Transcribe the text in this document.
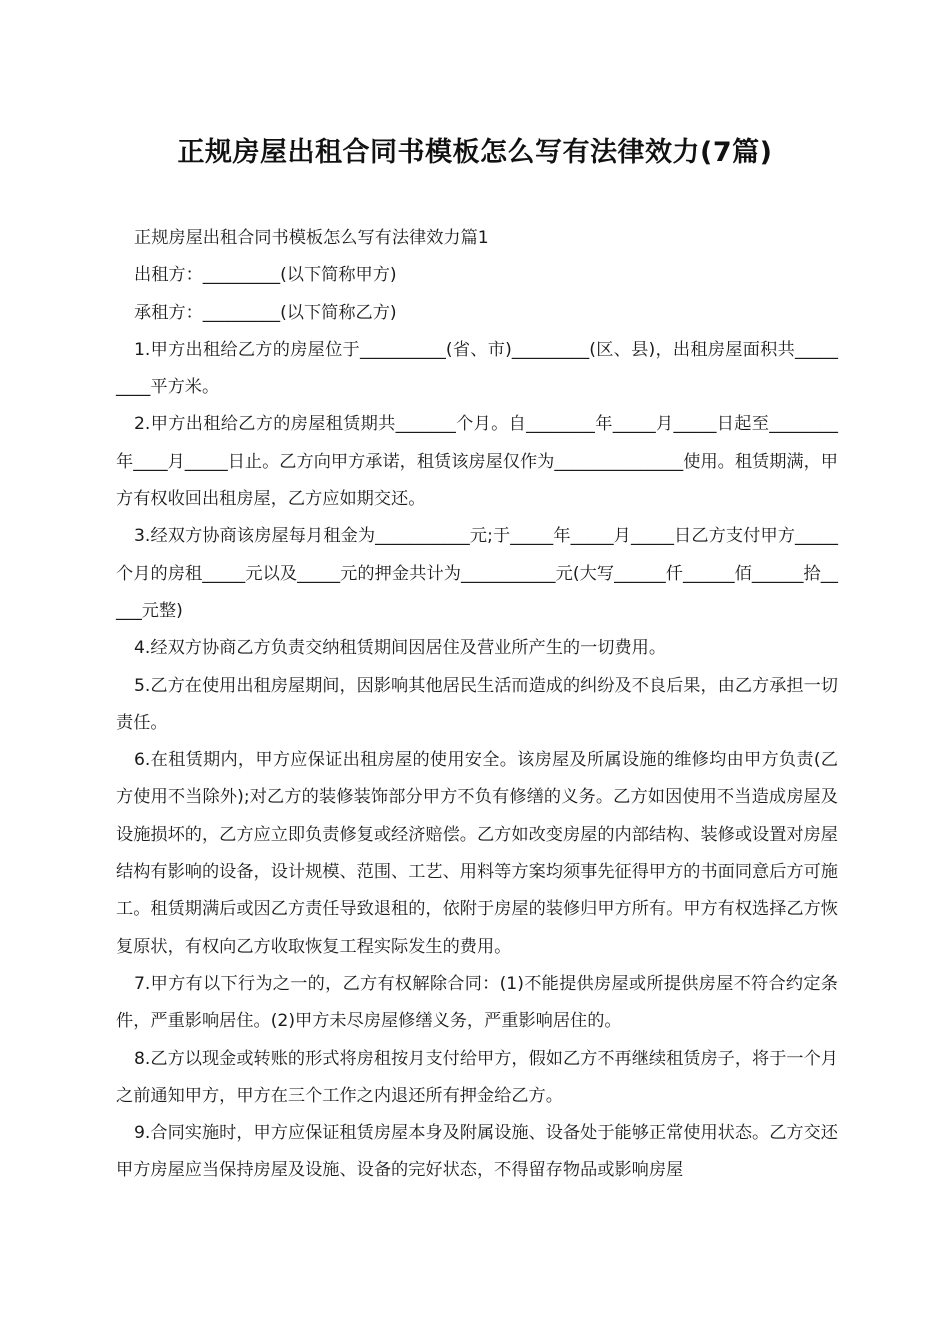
正规房屋出租合同书模板怎么写有法律效力(7篇)

正规房屋出租合同书模板怎么写有法律效力篇1

出租方：_________(以下简称甲方)

承租方：_________(以下简称乙方)

1.甲方出租给乙方的房屋位于__________(省、市)_________(区、县)，出租房屋面积共_________平方米。

2.甲方出租给乙方的房屋租赁期共_______个月。自________年_____月_____日起至________年____月_____日止。乙方向甲方承诺，租赁该房屋仅作为_______________使用。租赁期满，甲方有权收回出租房屋，乙方应如期交还。

3.经双方协商该房屋每月租金为___________元;于_____年_____月_____日乙方支付甲方_____个月的房租_____元以及_____元的押金共计为___________元(大写______仟______佰______拾_____元整)

4.经双方协商乙方负责交纳租赁期间因居住及营业所产生的一切费用。

5.乙方在使用出租房屋期间，因影响其他居民生活而造成的纠纷及不良后果，由乙方承担一切责任。

6.在租赁期内，甲方应保证出租房屋的使用安全。该房屋及所属设施的维修均由甲方负责(乙方使用不当除外);对乙方的装修装饰部分甲方不负有修缮的义务。乙方如因使用不当造成房屋及设施损坏的，乙方应立即负责修复或经济赔偿。乙方如改变房屋的内部结构、装修或设置对房屋结构有影响的设备，设计规模、范围、工艺、用料等方案均须事先征得甲方的书面同意后方可施工。租赁期满后或因乙方责任导致退租的，依附于房屋的装修归甲方所有。甲方有权选择乙方恢复原状，有权向乙方收取恢复工程实际发生的费用。

7.甲方有以下行为之一的，乙方有权解除合同：(1)不能提供房屋或所提供房屋不符合约定条件，严重影响居住。(2)甲方未尽房屋修缮义务，严重影响居住的。

8.乙方以现金或转账的形式将房租按月支付给甲方，假如乙方不再继续租赁房子，将于一个月之前通知甲方，甲方在三个工作之内退还所有押金给乙方。

9.合同实施时，甲方应保证租赁房屋本身及附属设施、设备处于能够正常使用状态。乙方交还甲方房屋应当保持房屋及设施、设备的完好状态，不得留存物品或影响房屋
